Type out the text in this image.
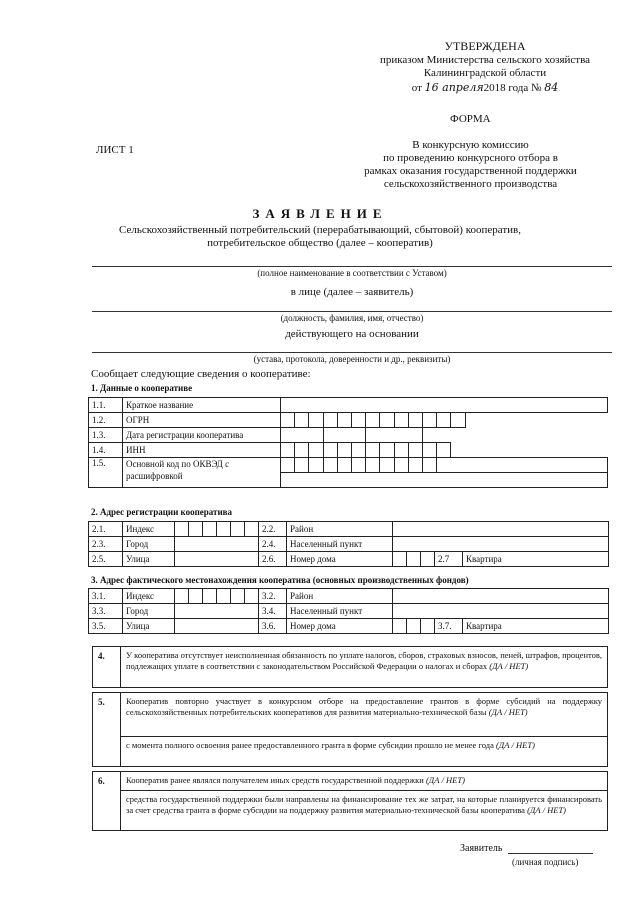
УТВЕРЖДЕНА
приказом Министерства сельского хозяйства
Калининградской области
от 16 апреля2018 года № 84
ФОРМА
ЛИСТ 1	В конкурсную комиссию
по проведению конкурсного отбора в
рамках оказания государственной поддержки
сельскохозяйственного производства
ЗАЯВЛЕНИЕ
Сельскохозяйственный потребительский (перерабатывающий, сбытовой) кооператив,
потребительское общество (далее – кооператив)
(полное наименование в соответствии с Уставом)
в лице (далее – заявитель)
(должность, фамилия, имя, отчество)
действующего на основании
(устава, протокола, доверенности и др., реквизиты)
Сообщает следующие сведения о кооперативе:
1. Данные о кооперативе
1.1.	Краткое название														
1.2.	ОГРН														
1.3.	Дата регистрации кооператива														
1.4.	ИНН														
1.5.	Основной код по ОКВЭД с
расшифровкой														

2. Адрес регистрации кооператива
2.1.	Индекс							2.2.	Район					
2.3.	Город							2.4.	Населенный пункт					
2.5.	Улица							2.6.	Номер дома				2.7	Квартира
3. Адрес фактического местонахождения кооператива (основных производственных фондов)
3.1.	Индекс							3.2.	Район					
3.3.	Город							3.4.	Населенный пункт					
3.5.	Улица							3.6.	Номер дома				3.7.	Квартира
4.	У кооператива отсутствует неисполненная обязанность по уплате налогов, сборов, страховых взносов, пеней, штрафов, процентов, подлежащих уплате в соответствии с законодательством Российской Федерации о налогах и сборах (ДА / НЕТ)
5.	Кооператив повторно участвует в конкурсном отборе на предоставление грантов в форме субсидий на поддержку сельскохозяйственных потребительских кооперативов для развития материально-технической базы (ДА / НЕТ)
с момента полного освоения ранее предоставленного гранта в форме субсидии прошло не менее года (ДА / НЕТ)
6.	Кооператив ранее являлся получателем иных средств государственной поддержки (ДА / НЕТ)
средства государственной поддержки были направлены на финансирование тех же затрат, на которые планируется финансировать за счет средства гранта в форме субсидии на поддержку развития материально-технической базы кооператива (ДА / НЕТ)
Заявитель
(личная подпись)
